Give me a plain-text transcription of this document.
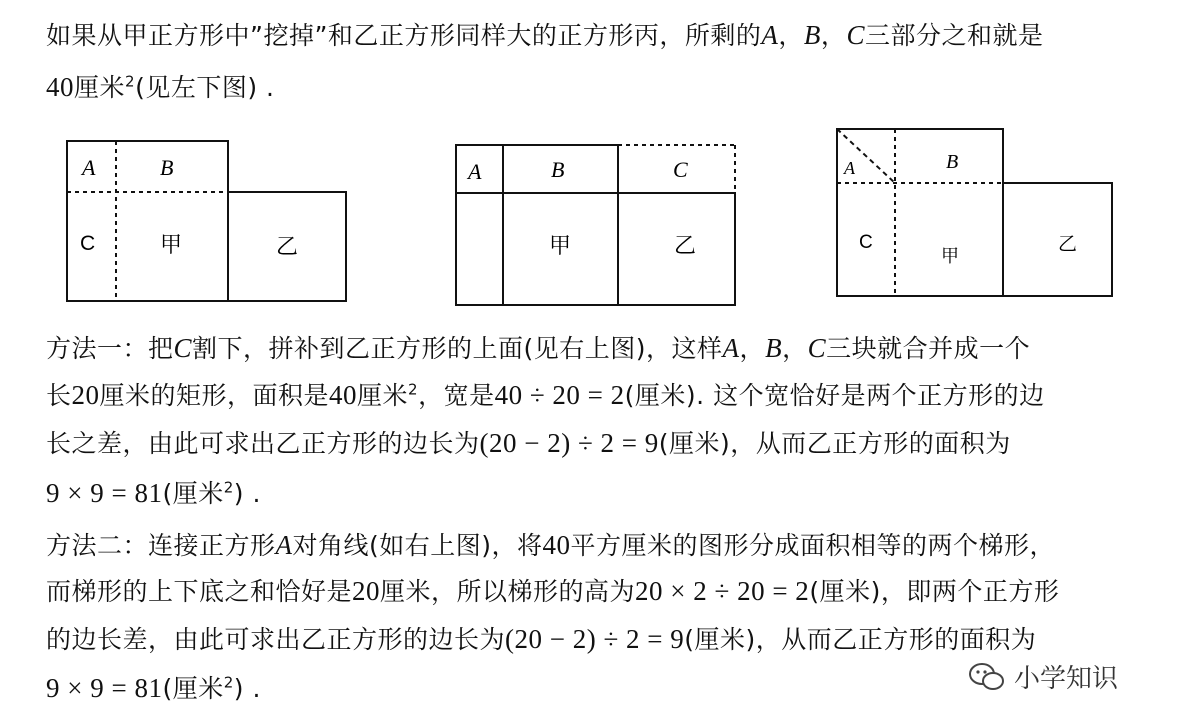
如果从甲正方形中”挖掉”和乙正方形同样大的正方形丙，所剩的A，B，C三部分之和就是
40厘米$^2$(见左下图) .
A	B
C	甲	乙
A	B	C
甲	乙
A	B
C
甲
乙
方法一：把C割下，拼补到乙正方形的上面(见右上图)，这样A，B，C三块就合并成一个
长20厘米的矩形，面积是40厘米$^2$，宽是40 ÷ 20 = 2(厘米). 这个宽恰好是两个正方形的边
长之差，由此可求出乙正方形的边长为(20 − 2) ÷ 2 = 9(厘米)，从而乙正方形的面积为
9 × 9 = 81(厘米$^2$) .
方法二：连接正方形A对角线(如右上图)，将40平方厘米的图形分成面积相等的两个梯形，
而梯形的上下底之和恰好是20厘米，所以梯形的高为20 × 2 ÷ 20 = 2(厘米)，即两个正方形
的边长差，由此可求出乙正方形的边长为(20 − 2) ÷ 2 = 9(厘米)，从而乙正方形的面积为
9 × 9 = 81(厘米$^2$) .	小学知识
